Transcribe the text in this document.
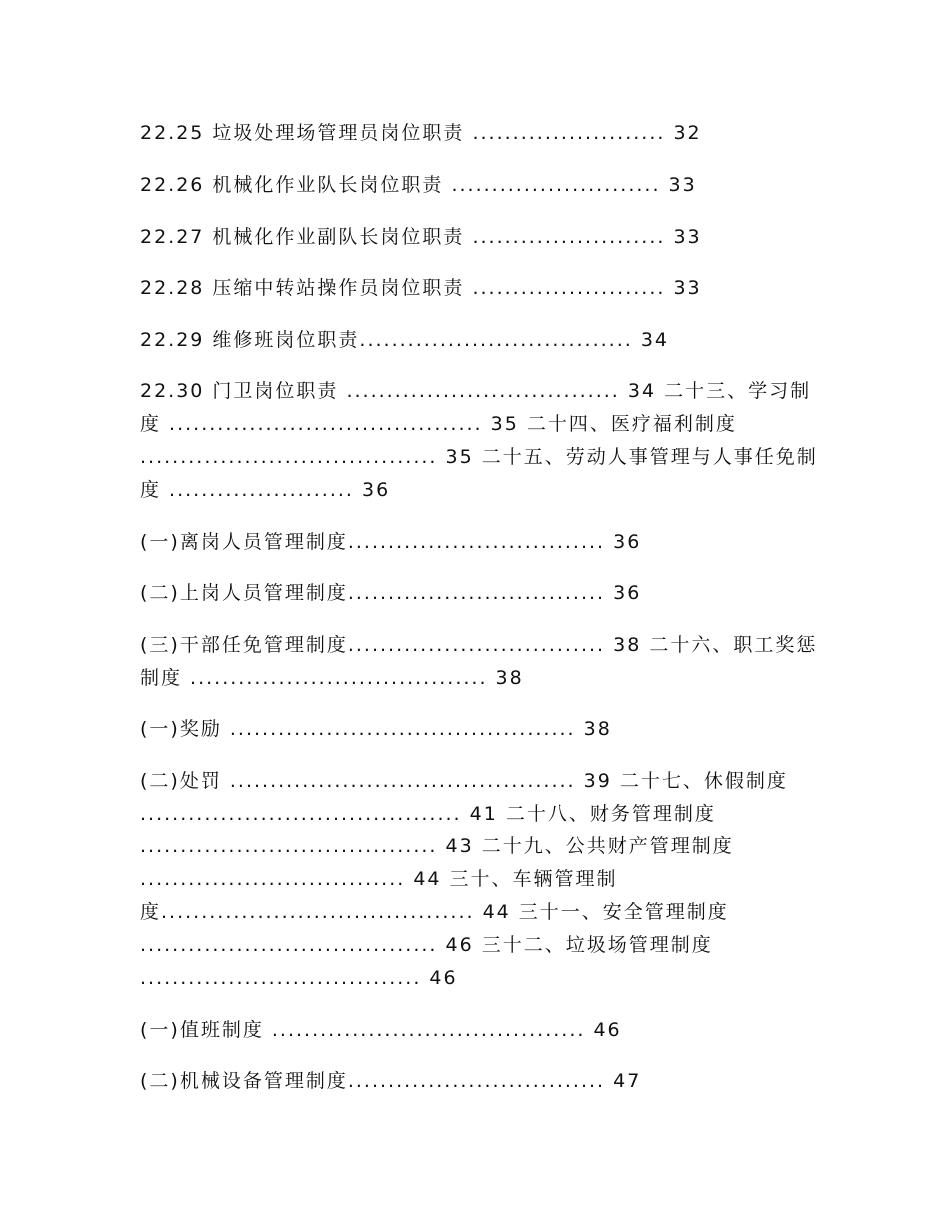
22.25 垃圾处理场管理员岗位职责 ........................ 32
22.26 机械化作业队长岗位职责 .......................... 33
22.27 机械化作业副队长岗位职责 ........................ 33
22.28 压缩中转站操作员岗位职责 ........................ 33
22.29 维修班岗位职责.................................. 34
22.30 门卫岗位职责 .................................. 34 二十三、学习制
度 ....................................... 35 二十四、医疗福利制度
..................................... 35 二十五、劳动人事管理与人事任免制
度 ....................... 36
(一)离岗人员管理制度................................ 36
(二)上岗人员管理制度................................ 36
(三)干部任免管理制度................................ 38 二十六、职工奖惩
制度 ..................................... 38
(一)奖励 ........................................... 38
(二)处罚 ........................................... 39 二十七、休假制度
........................................ 41 二十八、财务管理制度
..................................... 43 二十九、公共财产管理制度
................................. 44 三十、车辆管理制
度....................................... 44 三十一、安全管理制度
..................................... 46 三十二、垃圾场管理制度
................................... 46
(一)值班制度 ....................................... 46
(二)机械设备管理制度................................ 47
